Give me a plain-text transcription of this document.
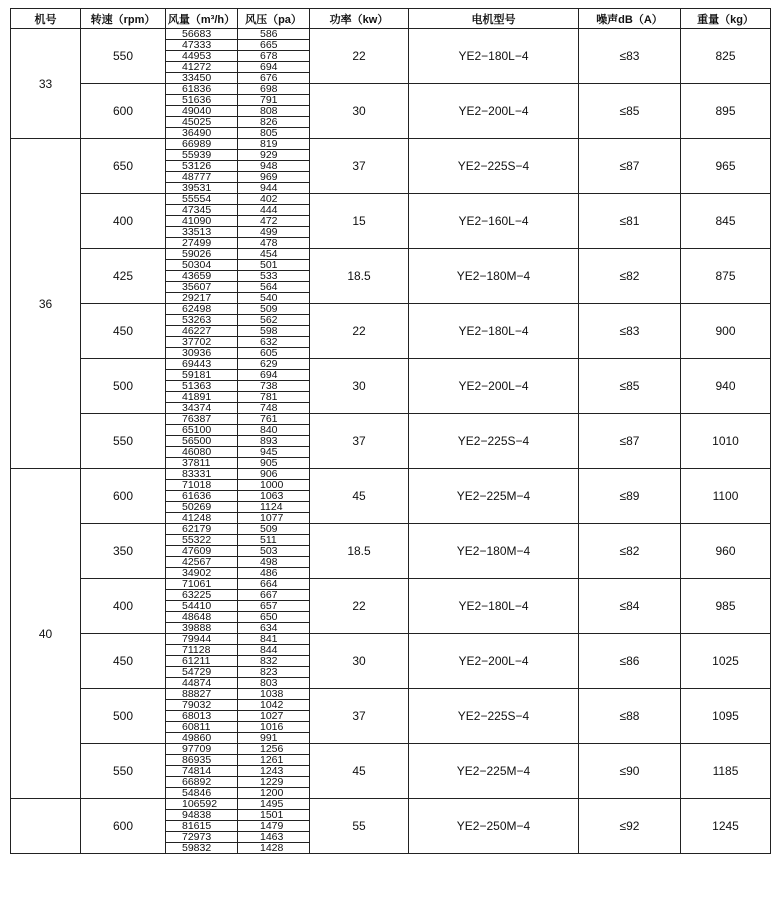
机号	转速（rpm）	风量（m³/h）	风压（pa）	功率（kw）	电机型号	噪声dB（A）	重量（kg）
33	550	56683	586	22	YE2−180L−4	≤83	825
		47333	665				
		44953	678				
		41272	694				
		33450	676				
	600	61836	698	30	YE2−200L−4	≤85	895
		51636	791				
		49040	808				
		45025	826				
		36490	805				
36	650	66989	819	37	YE2−225S−4	≤87	965
		55939	929				
		53126	948				
		48777	969				
		39531	944				
	400	55554	402	15	YE2−160L−4	≤81	845
		47345	444				
		41090	472				
		33513	499				
		27499	478				
	425	59026	454	18.5	YE2−180M−4	≤82	875
		50304	501				
		43659	533				
		35607	564				
		29217	540				
	450	62498	509	22	YE2−180L−4	≤83	900
		53263	562				
		46227	598				
		37702	632				
		30936	605				
	500	69443	629	30	YE2−200L−4	≤85	940
		59181	694				
		51363	738				
		41891	781				
		34374	748				
	550	76387	761	37	YE2−225S−4	≤87	1010
		65100	840				
		56500	893				
		46080	945				
		37811	905				
40	600	83331	906	45	YE2−225M−4	≤89	1100
		71018	1000				
		61636	1063				
		50269	1124				
		41248	1077				
	350	62179	509	18.5	YE2−180M−4	≤82	960
		55322	511				
		47609	503				
		42567	498				
		34902	486				
	400	71061	664	22	YE2−180L−4	≤84	985
		63225	667				
		54410	657				
		48648	650				
		39888	634				
	450	79944	841	30	YE2−200L−4	≤86	1025
		71128	844				
		61211	832				
		54729	823				
		44874	803				
	500	88827	1038	37	YE2−225S−4	≤88	1095
		79032	1042				
		68013	1027				
		60811	1016				
		49860	991				
	550	97709	1256	45	YE2−225M−4	≤90	1185
		86935	1261				
		74814	1243				
		66892	1229				
		54846	1200				
	600	106592	1495	55	YE2−250M−4	≤92	1245
		94838	1501				
		81615	1479				
		72973	1463				
		59832	1428				
